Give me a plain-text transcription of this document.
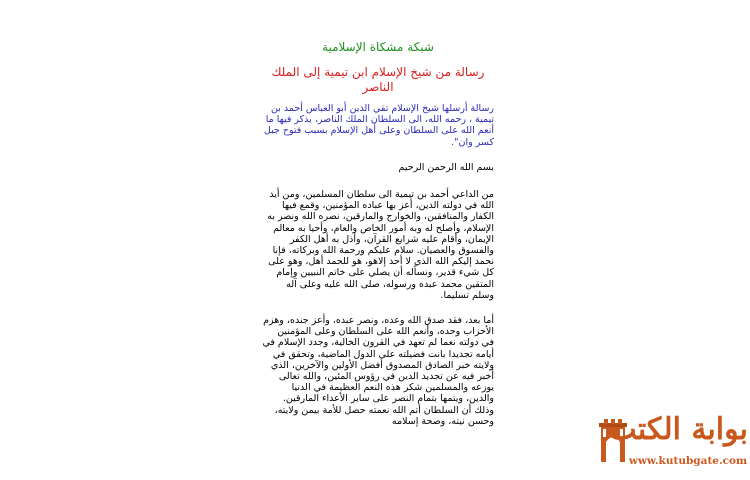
شبكة مشكاة الإسلامية
رسالة من شيخ الإسلام ابن تيمية إلى الملك الناصر

رسالة أرسلها شيخ الإسلام تقي الدين أبو العباس أحمد بن تيمية ، رحمه الله، الى السلطان الملك الناصر، يذكر فيها ما أنعم الله على السلطان وعلى أهل الإسلام بسبب فتوح جبل كسر وان".

بسم الله الرحمن الرحيم

من الداعي أحمد بن تيمية الى سلطان المسلمين، ومن أيد الله في دولته الدين، أعز بها عباده المؤمنين، وقمع فيها الكفار والمنافقين، والخوارج والمارقين، نصره الله ونصر به الإسلام، وأصلح له وبه أمور الخاص والعام، وأحيا به معالم الإيمان، وأقام عليه شرايع القرآن، وأذل به أهل الكفر والفسوق والعصيان. سلام عليكم ورحمة الله وبركاته، فإنا نحمد إليكم الله الذي لا أحد إلاهو، هو للحمد أهل، وهو على كل شيء قدير، ونسأله أن يصلي على خاتم النبيين وإمام المتقين محمد عبده ورسوله، صلى الله عليه وعلى آله وسلم تسليما.

أما بعد، فقد صدق الله وعده، ونصر عبده، وأعز جنده، وهزم الأحزاب وحده، وأنعم الله على السلطان وعلى المؤمنين في دولته نعما لم تعهد في القرون الخالية، وجدد الإسلام في أيامه تجديدا بانت فضيلته على الدول الماضية، وتحقق في ولايته خبر الصادق المصدوق أفضل الأولين والآخرين، الذي أخبر فيه عن تجديد الدين في رؤوس المئين، والله تعالى يوزعه والمسلمين شكر هذه النعم العظيمة في الدنيا والدين، ويتمها بتمام النصر على ساير الأعداء المارقين. وذلك أن السلطان أتم الله نعمته حصل للأمة بيمن ولايته، وحسن نيته، وصحة إسلامه	بوابة الكتب
www.kutubgate.com
